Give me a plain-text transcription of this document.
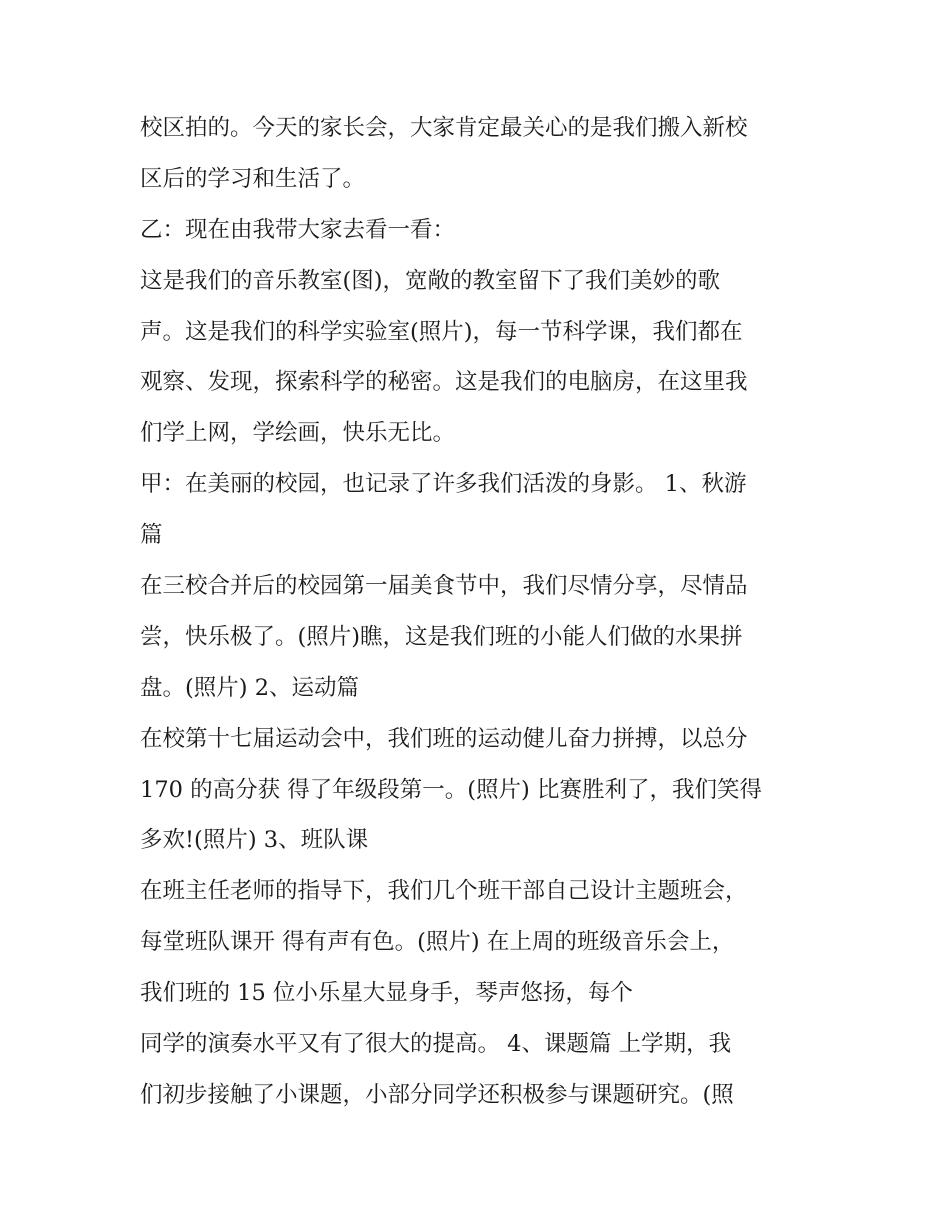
校区拍的。今天的家长会，大家肯定最关心的是我们搬入新校
区后的学习和生活了。
乙：现在由我带大家去看一看：
这是我们的音乐教室(图)，宽敞的教室留下了我们美妙的歌
声。这是我们的科学实验室(照片)，每一节科学课，我们都在
观察、发现，探索科学的秘密。这是我们的电脑房，在这里我
们学上网，学绘画，快乐无比。
甲：在美丽的校园，也记录了许多我们活泼的身影。 1、秋游
篇
在三校合并后的校园第一届美食节中，我们尽情分享，尽情品
尝，快乐极了。(照片)瞧，这是我们班的小能人们做的水果拼
盘。(照片) 2、运动篇
在校第十七届运动会中，我们班的运动健儿奋力拼搏，以总分
170 的高分获 得了年级段第一。(照片) 比赛胜利了，我们笑得
多欢!(照片) 3、班队课
在班主任老师的指导下，我们几个班干部自己设计主题班会，
每堂班队课开 得有声有色。(照片) 在上周的班级音乐会上，
我们班的 15 位小乐星大显身手，琴声悠扬，每个
同学的演奏水平又有了很大的提高。 4、课题篇 上学期，我
们初步接触了小课题，小部分同学还积极参与课题研究。(照
